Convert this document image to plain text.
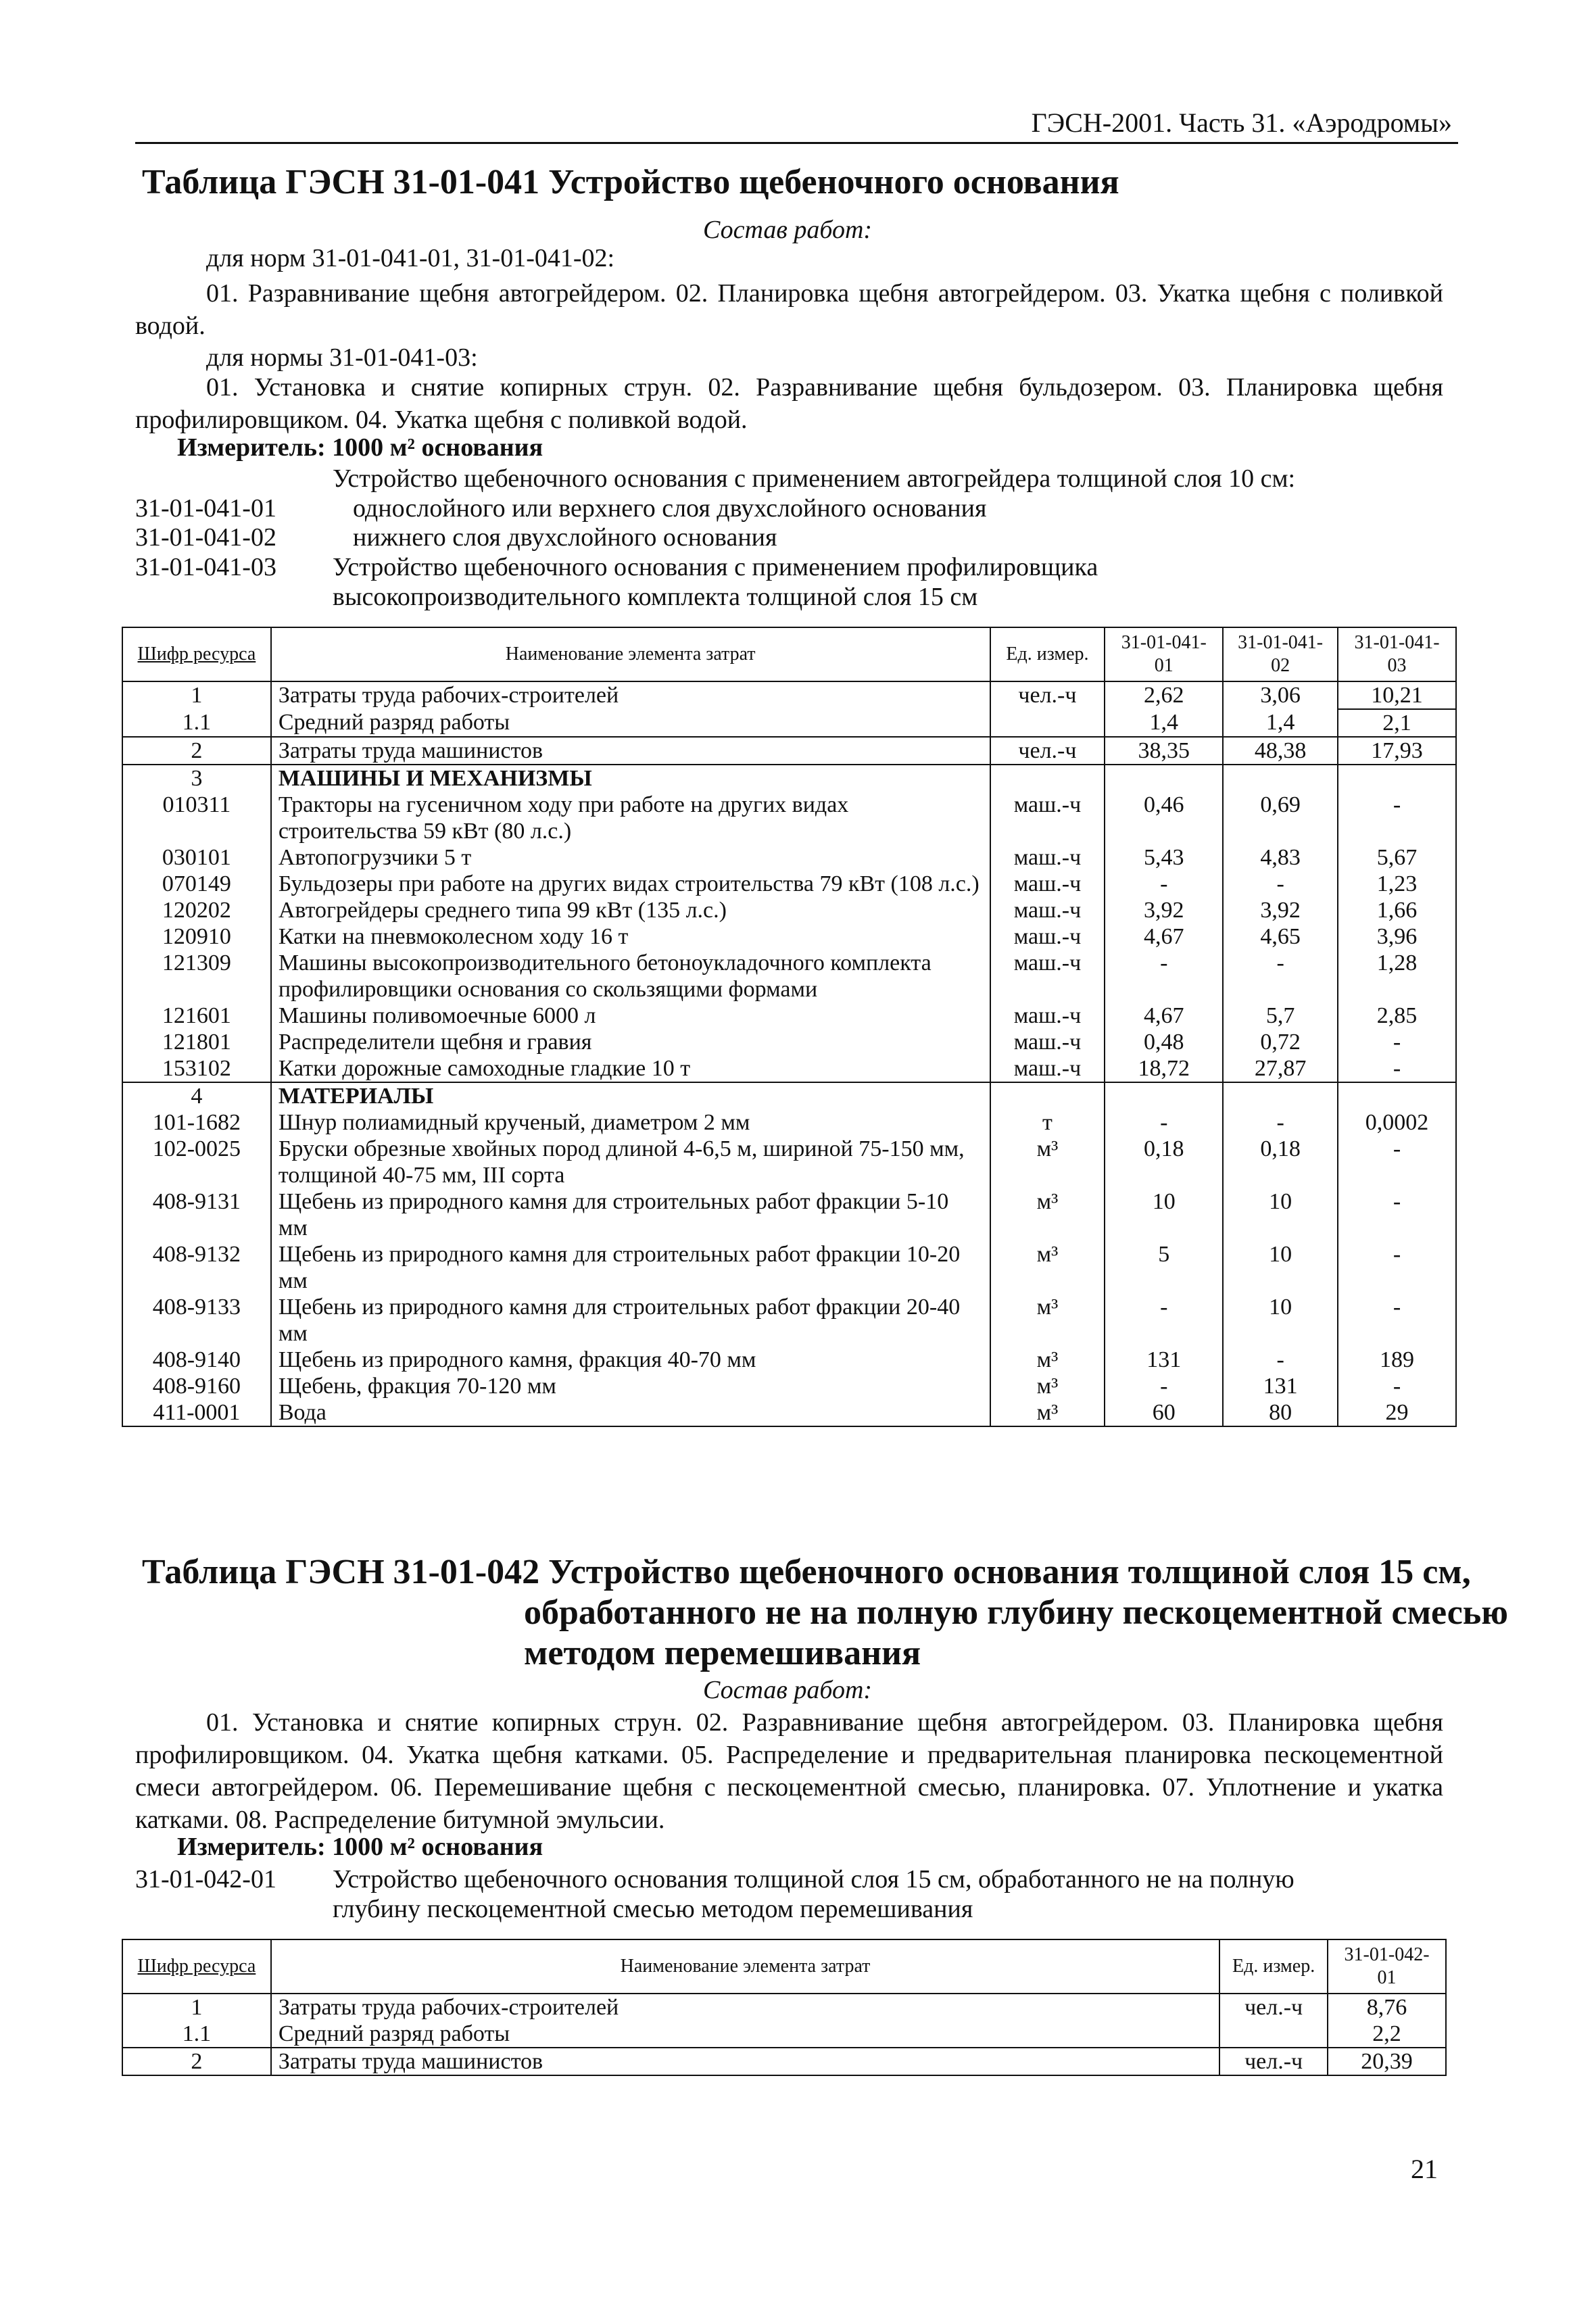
ГЭСН-2001. Часть 31. «Аэродромы»
Таблица ГЭСН 31-01-041 Устройство щебеночного основания
Состав работ:
для норм 31-01-041-01, 31-01-041-02:
01. Разравнивание щебня автогрейдером. 02. Планировка щебня автогрейдером. 03. Укатка щебня с поливкой водой.
для нормы 31-01-041-03:
01. Установка и снятие копирных струн. 02. Разравнивание щебня бульдозером. 03. Планировка щебня профилировщиком. 04. Укатка щебня с поливкой водой.
Измеритель: 1000 м² основания
Устройство щебеночного основания с применением автогрейдера толщиной слоя 10 см:
31-01-041-01	однослойного или верхнего слоя двухслойного основания
31-01-041-02	нижнего слоя двухслойного основания
31-01-041-03 Устройство щебеночного основания с применением профилировщика высокопроизводительного комплекта толщиной слоя 15 см
Шифр ресурса	Наименование элемента затрат	Ед. измер.	31-01-041-01	31-01-041-02	31-01-041-03
1	Затраты труда рабочих-строителей	чел.-ч	2,62	3,06	10,21
1.1	Средний разряд работы		1,4	1,4	2,1
2	Затраты труда машинистов	чел.-ч	38,35	48,38	17,93
3	МАШИНЫ И МЕХАНИЗМЫ				
010311	Тракторы на гусеничном ходу при работе на других видах строительства 59 кВт (80 л.с.)	маш.-ч	0,46	0,69	-
030101	Автопогрузчики 5 т	маш.-ч	5,43	4,83	5,67
070149	Бульдозеры при работе на других видах строительства 79 кВт (108 л.с.)	маш.-ч	-	-	1,23
120202	Автогрейдеры среднего типа 99 кВт (135 л.с.)	маш.-ч	3,92	3,92	1,66
120910	Катки на пневмоколесном ходу 16 т	маш.-ч	4,67	4,65	3,96
121309	Машины высокопроизводительного бетоноукладочного комплекта профилировщики основания со скользящими формами	маш.-ч	-	-	1,28
121601	Машины поливомоечные 6000 л	маш.-ч	4,67	5,7	2,85
121801	Распределители щебня и гравия	маш.-ч	0,48	0,72	-
153102	Катки дорожные самоходные гладкие 10 т	маш.-ч	18,72	27,87	-
4	МАТЕРИАЛЫ				
101-1682	Шнур полиамидный крученый, диаметром 2 мм	т	-	-	0,0002
102-0025	Бруски обрезные хвойных пород длиной 4-6,5 м, шириной 75-150 мм, толщиной 40-75 мм, III сорта	м³	0,18	0,18	-
408-9131	Щебень из природного камня для строительных работ фракции 5-10 мм	м³	10	10	-
408-9132	Щебень из природного камня для строительных работ фракции 10-20 мм	м³	5	10	-
408-9133	Щебень из природного камня для строительных работ фракции 20-40 мм	м³	-	10	-
408-9140	Щебень из природного камня, фракция 40-70 мм	м³	131	-	189
408-9160	Щебень, фракция 70-120 мм	м³	-	131	-
411-0001	Вода	м³	60	80	29
Таблица ГЭСН 31-01-042 Устройство щебеночного основания толщиной слоя 15 см,
обработанного не на полную глубину пескоцементной смесью
методом перемешивания
Состав работ:
01. Установка и снятие копирных струн. 02. Разравнивание щебня автогрейдером. 03. Планировка щебня профилировщиком. 04. Укатка щебня катками. 05. Распределение и предварительная планировка пескоцементной смеси автогрейдером. 06. Перемешивание щебня с пескоцементной смесью, планировка. 07. Уплотнение и укатка катками. 08. Распределение битумной эмульсии.
Измеритель: 1000 м² основания
31-01-042-01 Устройство щебеночного основания толщиной слоя 15 см, обработанного не на полную глубину пескоцементной смесью методом перемешивания
Шифр ресурса	Наименование элемента затрат	Ед. измер.	31-01-042-01
1	Затраты труда рабочих-строителей	чел.-ч	8,76
1.1	Средний разряд работы		2,2
2	Затраты труда машинистов	чел.-ч	20,39
21
